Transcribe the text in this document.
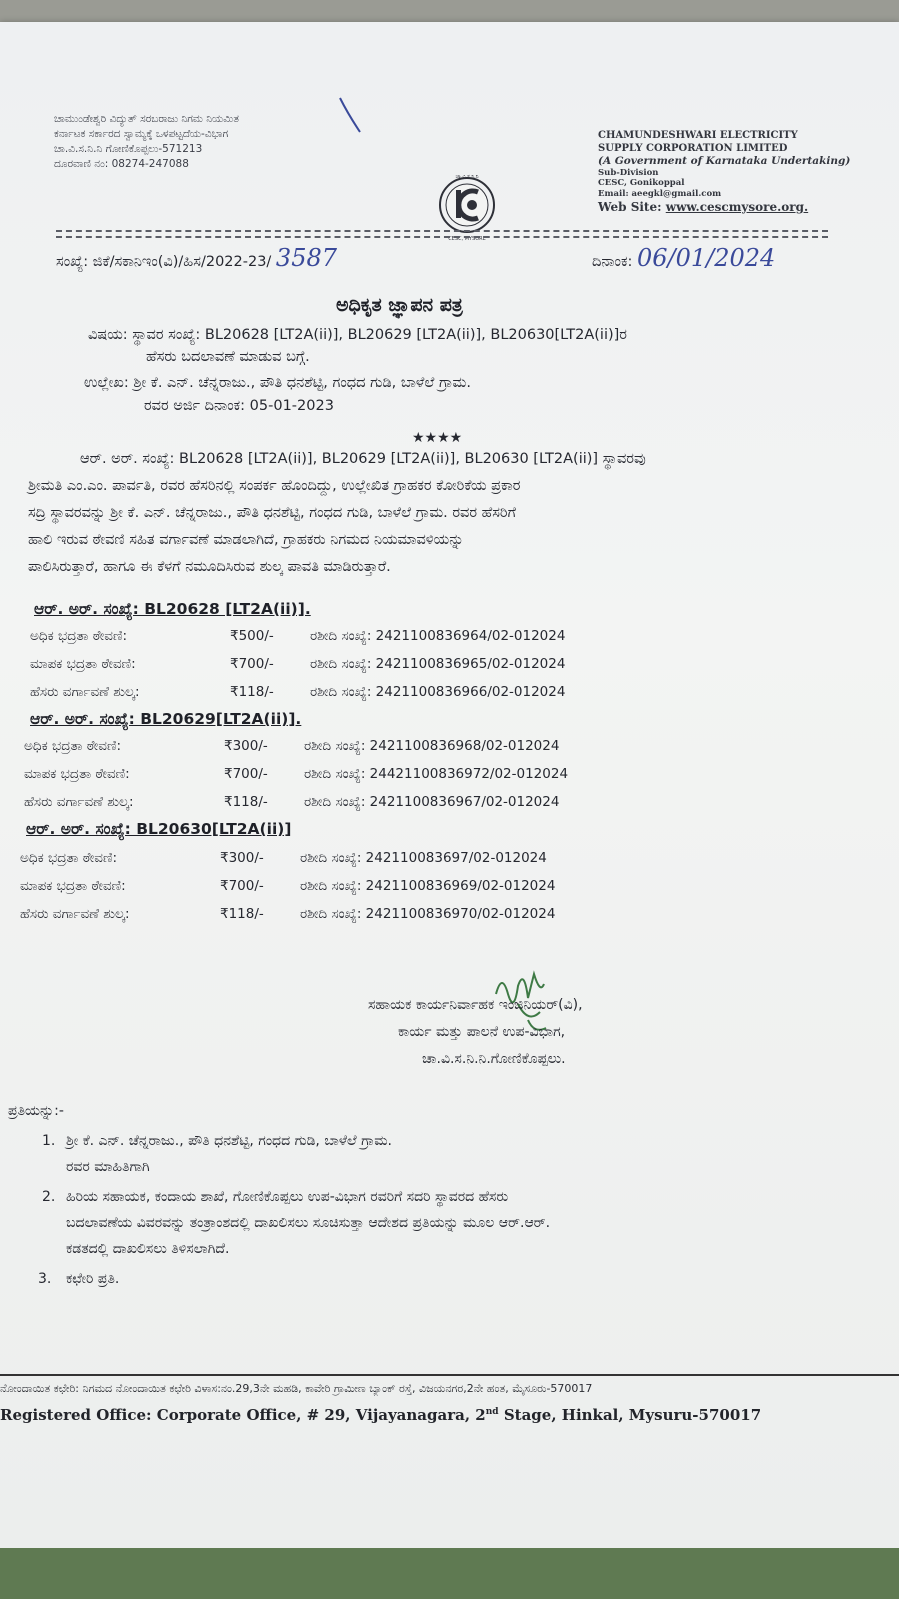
ಚಾಮುಂಡೇಶ್ವರಿ ವಿದ್ಯುತ್ ಸರಬರಾಜು ನಿಗಮ ನಿಯಮಿತ
ಕರ್ನಾಟಕ ಸರ್ಕಾರದ ಸ್ವಾಮ್ಯಕ್ಕೆ ಒಳಪಟ್ಟದೆಯ-ವಿಭಾಗ
ಚಾ.ವಿ.ಸ.ನಿ.ನಿ ಗೋಣಿಕೊಪ್ಪಲು-571213
ದೂರವಾಣಿ ನಂ: 08274-247088
ಚಾ.ವಿ.ಸ.ನಿ.ನಿ
CESC, MYSORE
CHAMUNDESHWARI ELECTRICITY
SUPPLY CORPORATION LIMITED
(A Government of Karnataka Undertaking)
Sub-Division
CESC, Gonikoppal
Email: aeegkl@gmail.com
Web Site: www.cescmysore.org.
ಸಂಖ್ಯೆ: ಜಿಕೆ/ಸಕಾನಿಇಂ(ವಿ)/ಹಿಸ/2022-23/ 3587	ದಿನಾಂಕ: 06/01/2024
ಅಧಿಕೃತ ಜ್ಞಾಪನ ಪತ್ರ
ವಿಷಯ: ಸ್ಥಾವರ ಸಂಖ್ಯೆ: BL20628 [LT2A(ii)], BL20629 [LT2A(ii)], BL20630[LT2A(ii)]ರ
ಹೆಸರು ಬದಲಾವಣೆ ಮಾಡುವ ಬಗ್ಗೆ.
ಉಲ್ಲೇಖ: ಶ್ರೀ ಕೆ. ಎನ್. ಚೆನ್ನರಾಜು., ಪೌತಿ ಧನಶೆಟ್ಟಿ, ಗಂಧದ ಗುಡಿ, ಬಾಳೆಲೆ ಗ್ರಾಮ.
ರವರ ಅರ್ಜಿ ದಿನಾಂಕ: 05-01-2023
★★★★
ಆರ್. ಅರ್. ಸಂಖ್ಯೆ: BL20628 [LT2A(ii)], BL20629 [LT2A(ii)], BL20630 [LT2A(ii)] ಸ್ಥಾವರವು
ಶ್ರೀಮತಿ ಎಂ.ಎಂ. ಪಾರ್ವತಿ, ರವರ ಹೆಸರಿನಲ್ಲಿ ಸಂಪರ್ಕ ಹೊಂದಿದ್ದು, ಉಲ್ಲೇಖಿತ ಗ್ರಾಹಕರ ಕೋರಿಕೆಯ ಪ್ರಕಾರ
ಸದ್ರಿ ಸ್ಥಾವರವನ್ನು ಶ್ರೀ ಕೆ. ಎನ್. ಚೆನ್ನರಾಜು., ಪೌತಿ ಧನಶೆಟ್ಟಿ, ಗಂಧದ ಗುಡಿ, ಬಾಳೆಲೆ ಗ್ರಾಮ. ರವರ ಹೆಸರಿಗೆ
ಹಾಲಿ ಇರುವ ಠೇವಣಿ ಸಹಿತ ವರ್ಗಾವಣೆ ಮಾಡಲಾಗಿದೆ, ಗ್ರಾಹಕರು ನಿಗಮದ ನಿಯಮಾವಳಿಯನ್ನು
ಪಾಲಿಸಿರುತ್ತಾರೆ, ಹಾಗೂ ಈ ಕೆಳಗೆ ನಮೂದಿಸಿರುವ ಶುಲ್ಕ ಪಾವತಿ ಮಾಡಿರುತ್ತಾರೆ.
ಆರ್. ಅರ್. ಸಂಖ್ಯೆ: BL20628 [LT2A(ii)].
ಅಧಿಕ ಭದ್ರತಾ ಠೇವಣಿ:	₹500/-	ರಶೀದಿ ಸಂಖ್ಯೆ: 2421100836964/02-012024
ಮಾಪಕ ಭದ್ರತಾ ಠೇವಣಿ:	₹700/-	ರಶೀದಿ ಸಂಖ್ಯೆ: 2421100836965/02-012024
ಹೆಸರು ವರ್ಗಾವಣೆ ಶುಲ್ಕ:	₹118/-	ರಶೀದಿ ಸಂಖ್ಯೆ: 2421100836966/02-012024
ಆರ್. ಅರ್. ಸಂಖ್ಯೆ: BL20629[LT2A(ii)].
ಅಧಿಕ ಭದ್ರತಾ ಠೇವಣಿ:	₹300/-	ರಶೀದಿ ಸಂಖ್ಯೆ: 2421100836968/02-012024
ಮಾಪಕ ಭದ್ರತಾ ಠೇವಣಿ:	₹700/-	ರಶೀದಿ ಸಂಖ್ಯೆ: 24421100836972/02-012024
ಹೆಸರು ವರ್ಗಾವಣೆ ಶುಲ್ಕ:	₹118/-	ರಶೀದಿ ಸಂಖ್ಯೆ: 2421100836967/02-012024
ಆರ್. ಅರ್. ಸಂಖ್ಯೆ: BL20630[LT2A(ii)]
ಅಧಿಕ ಭದ್ರತಾ ಠೇವಣಿ:	₹300/-	ರಶೀದಿ ಸಂಖ್ಯೆ: 242110083697/02-012024
ಮಾಪಕ ಭದ್ರತಾ ಠೇವಣಿ:	₹700/-	ರಶೀದಿ ಸಂಖ್ಯೆ: 2421100836969/02-012024
ಹೆಸರು ವರ್ಗಾವಣೆ ಶುಲ್ಕ:	₹118/-	ರಶೀದಿ ಸಂಖ್ಯೆ: 2421100836970/02-012024
ಸಹಾಯಕ ಕಾರ್ಯನಿರ್ವಾಹಕ ಇಂಜಿನಿಯರ್(ವಿ),
ಕಾರ್ಯ ಮತ್ತು ಪಾಲನೆ ಉಪ-ವಿಭಾಗ,
ಚಾ.ವಿ.ಸ.ನಿ.ನಿ.ಗೋಣಿಕೊಪ್ಪಲು.
ಪ್ರತಿಯನ್ನು:-
1. ಶ್ರೀ ಕೆ. ಎನ್. ಚೆನ್ನರಾಜು., ಪೌತಿ ಧನಶೆಟ್ಟಿ, ಗಂಧದ ಗುಡಿ, ಬಾಳೆಲೆ ಗ್ರಾಮ.
ರವರ ಮಾಹಿತಿಗಾಗಿ
2. ಹಿರಿಯ ಸಹಾಯಕ, ಕಂದಾಯ ಶಾಖೆ, ಗೋಣಿಕೊಪ್ಪಲು ಉಪ-ವಿಭಾಗ ರವರಿಗೆ ಸದರಿ ಸ್ಥಾವರದ ಹೆಸರು
ಬದಲಾವಣೆಯ ವಿವರವನ್ನು ತಂತ್ರಾಂಶದಲ್ಲಿ ದಾಖಲಿಸಲು ಸೂಚಿಸುತ್ತಾ ಆದೇಶದ ಪ್ರತಿಯನ್ನು ಮೂಲ ಆರ್.ಆರ್.
ಕಡತದಲ್ಲಿ ದಾಖಲಿಸಲು ತಿಳಿಸಲಾಗಿದೆ.
3. ಕಛೇರಿ ಪ್ರತಿ.
ನೋಂದಾಯಿತ ಕಛೇರಿ: ನಿಗಮದ ನೋಂದಾಯಿತ ಕಛೇರಿ ವಿಳಾಸ:ನಂ.29,3ನೇ ಮಹಡಿ, ಕಾವೇರಿ ಗ್ರಾಮೀಣ ಬ್ಯಾಂಕ್ ರಸ್ತೆ, ವಿಜಯನಗರ,2ನೇ ಹಂತ, ಮೈಸೂರು-570017
Registered Office: Corporate Office, # 29, Vijayanagara, 2nd Stage, Hinkal, Mysuru-570017
